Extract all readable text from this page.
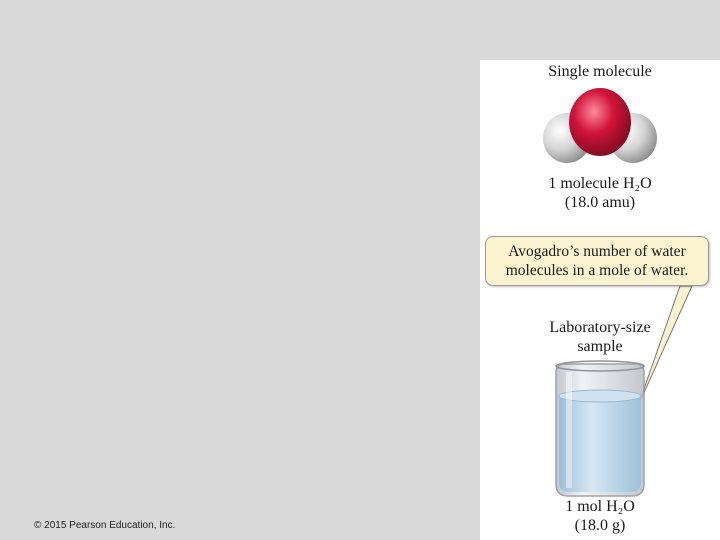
© 2015 Pearson Education, Inc.
Single molecule
1 molecule H₂O
(18.0 amu)
Avogadro’s number of water
molecules in a mole of water.
Laboratory-size
sample
1 mol H₂O
(18.0 g)
